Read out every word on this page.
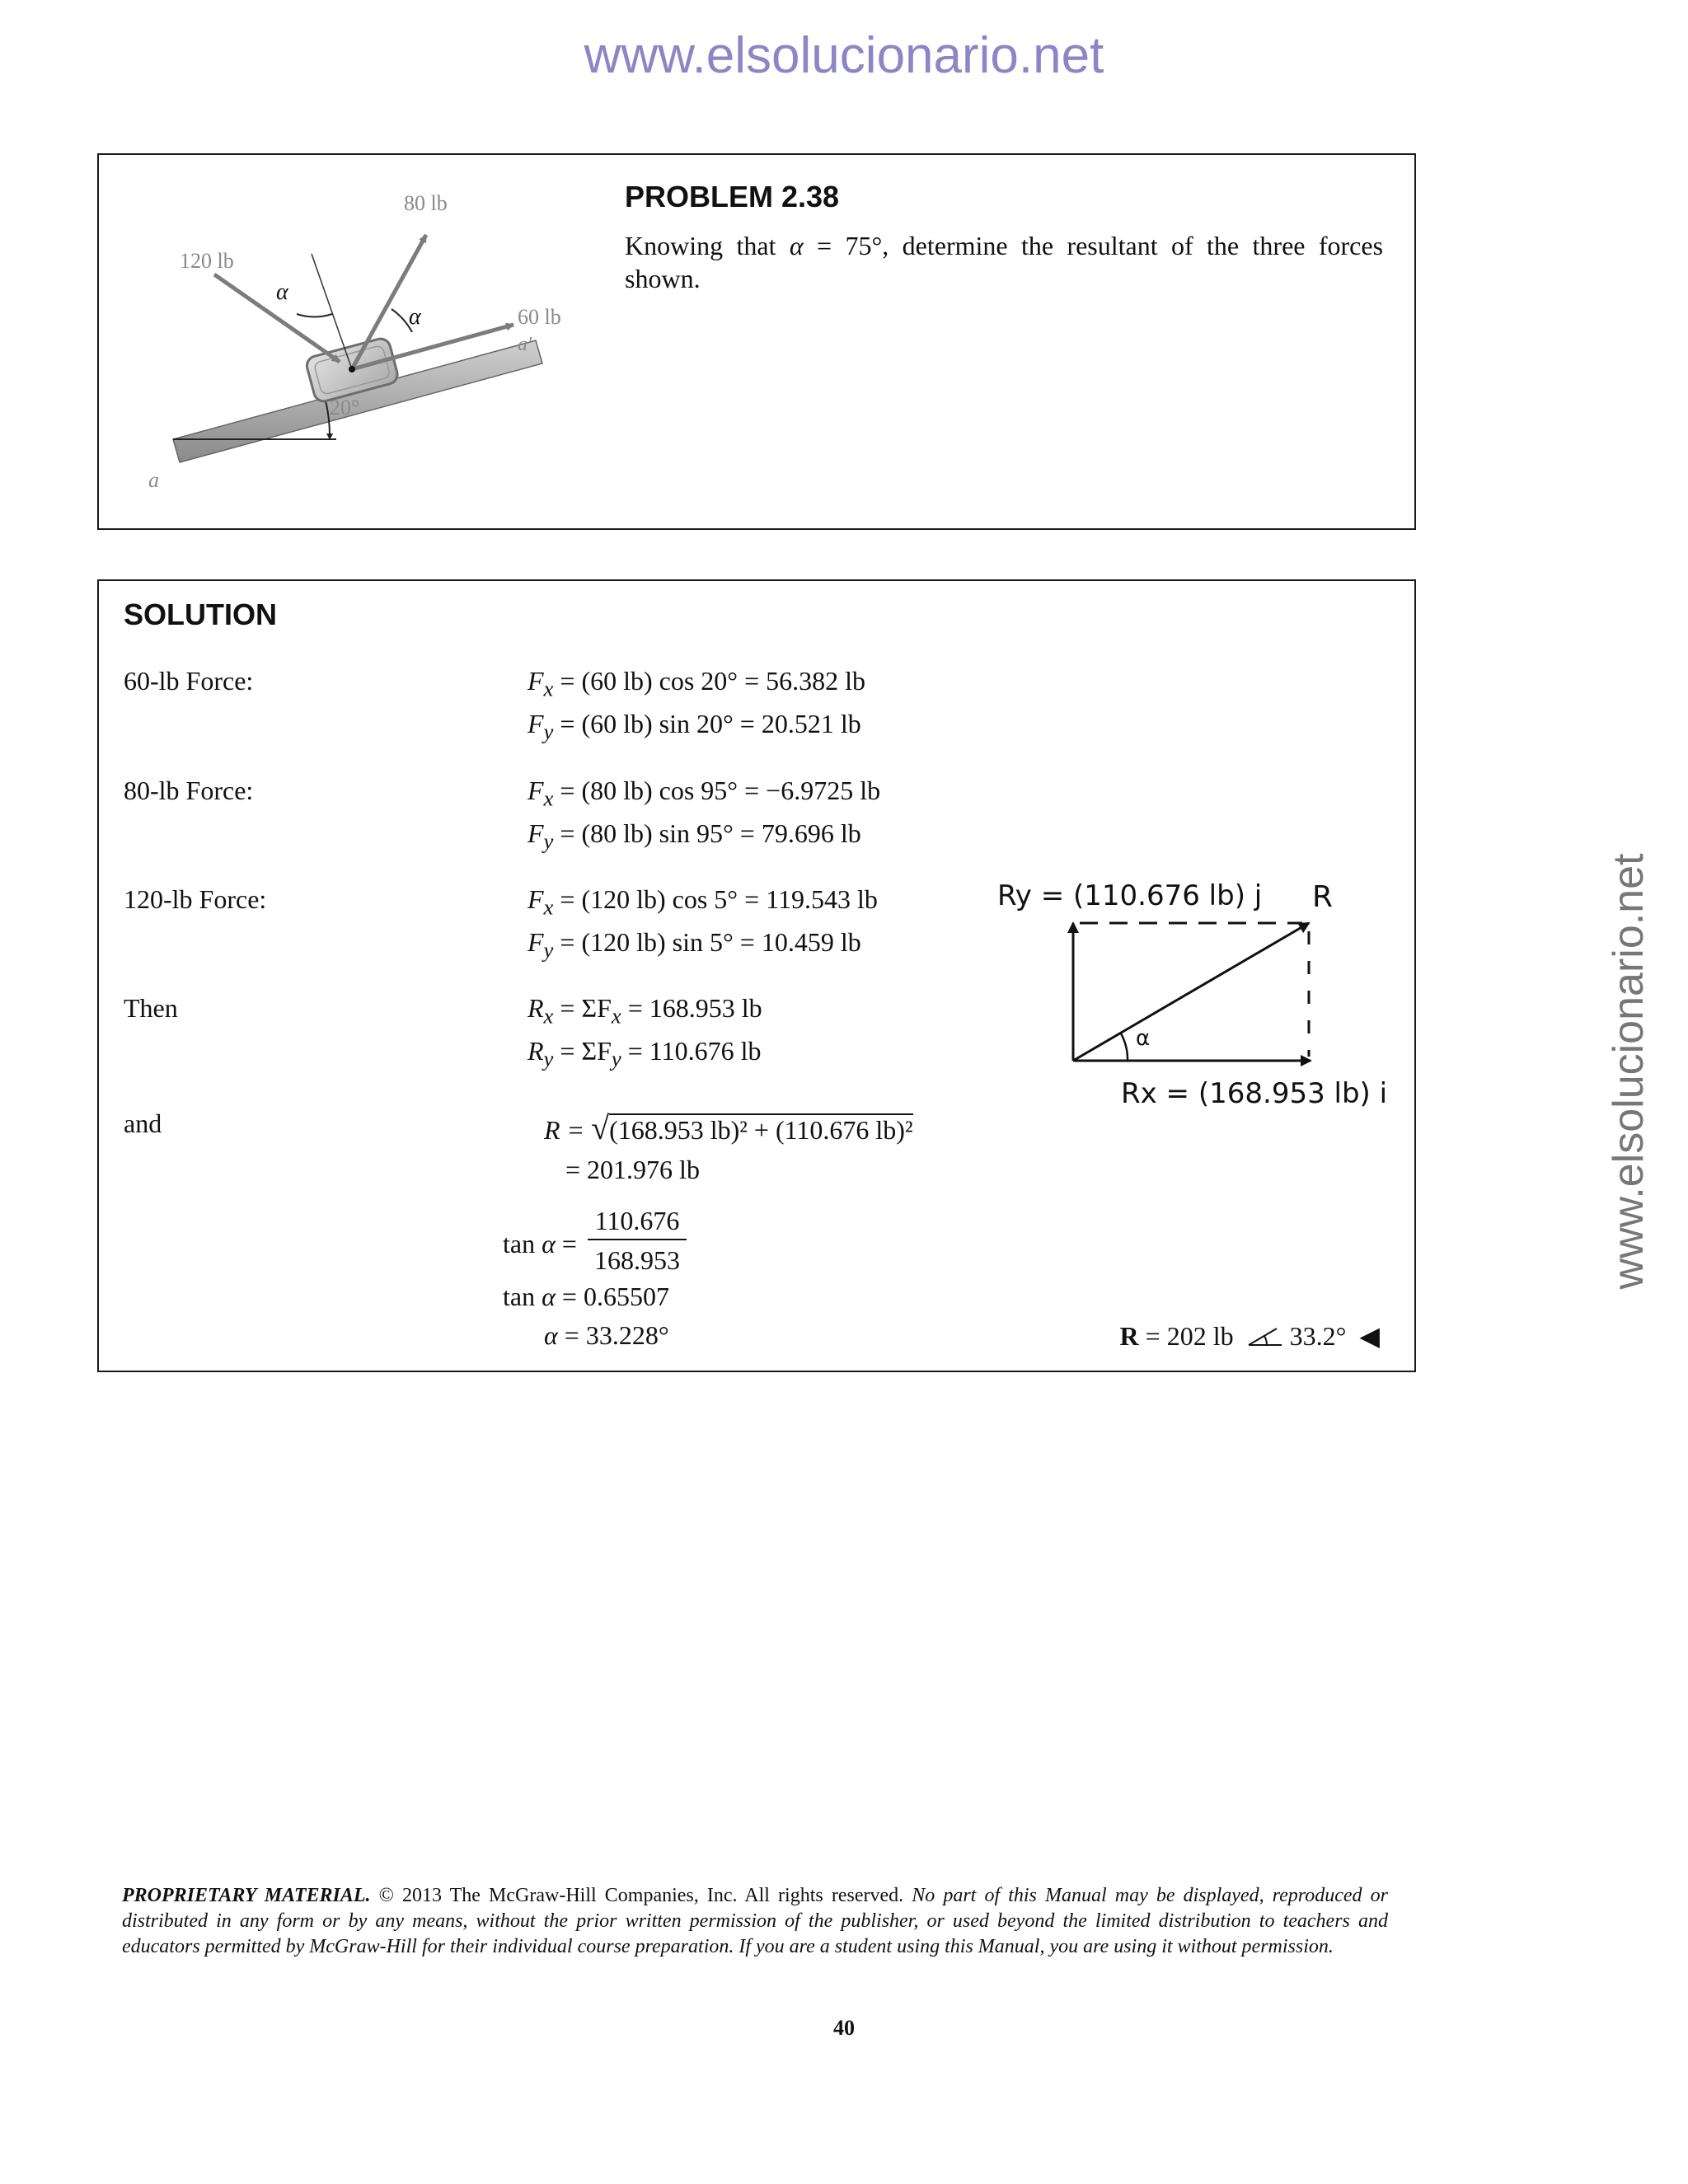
www.elsolucionario.net
www.elsolucionario.net
80 lb
120 lb
60 lb
α
α
a′
20°
a
PROBLEM 2.38
Knowing that α = 75°, determine the resultant of the three forces shown.
SOLUTION
60-lb Force:	$F_x = (60$ lb) cos 20° = 56.382 lb
$F_y = (60$ lb) sin 20° = 20.521 lb
80-lb Force:	$F_x = (80$ lb) cos 95° = −6.9725 lb
$F_y = (80$ lb) sin 95° = 79.696 lb
120-lb Force:	$F_x = (120$ lb) cos 5° = 119.543 lb
$F_y = (120$ lb) sin 5° = 10.459 lb
Then	$R_x = \Sigma F_x = 168.953$ lb
$R_y = \Sigma F_y = 110.676$ lb
and	R = √(168.953 lb)² + (110.676 lb)²
= 201.976 lb
tan α =
110.676
168.953
tan α = 0.65507
α = 33.228°	R = 202 lb 33.2° ◀
α
Ry = (110.676 lb) j R
Rx = (168.953 lb) i
PROPRIETARY MATERIAL. © 2013 The McGraw-Hill Companies, Inc. All rights reserved. No part of this Manual may be displayed, reproduced or distributed in any form or by any means, without the prior written permission of the publisher, or used beyond the limited distribution to teachers and educators permitted by McGraw-Hill for their individual course preparation. If you are a student using this Manual, you are using it without permission.
40
